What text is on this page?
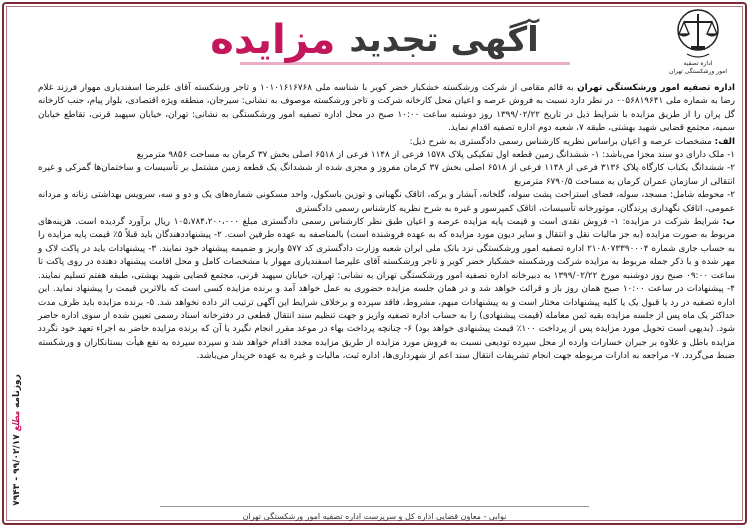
اداره تصفیه
امور ورشکستگی تهران
آگهی تجدید
مزایده

اداره تصفیه امور ورشکستگی تهران به قائم مقامی از شرکت ورشکسته خشکبار خضر کویر با شناسه ملی ۱۰۱۰۱۶۱۶۷۶۸ و تاجر ورشکسته آقای علیرضا اسفندیاری مهوار فرزند غلام رضا به شماره ملی ۰۰۵۶۸۱۹۶۴۱ در نظر دارد نسبت به فروش عرصه و اعیان محل کارخانه شرکت و تاجر ورشکسته موصوف به نشانی: سیرجان، منطقه ویژه اقتصادی، بلوار پیام، جنب کارخانه گل پران را از طریق مزایده با شرایط ذیل در تاریخ ۱۳۹۹/۰۲/۲۲ روز دوشنبه ساعت ۱۰:۰۰ صبح در محل اداره تصفیه امور ورشکستگی به نشانی: تهران، خیابان سپهبد قرنی، تقاطع خیابان سمیه، مجتمع قضایی شهید بهشتی، طبقه ۷، شعبه دوم اداره تصفیه اقدام نماید.

الف: مشخصات عرصه و اعیان براساس نظریه کارشناس رسمی دادگستری به شرح ذیل:

۱- ملک دارای دو سند مجزا می‌باشد: ۱- ششدانگ زمین قطعه اول تفکیکی پلاک ۱۵۷۸ فرعی از ۱۱۴۸ فرعی از ۶۵۱۸ اصلی بخش ۳۷ کرمان به مساحت ۹۸۵۶ مترمربع

۲- ششدانگ یکباب کارگاه پلاک ۳۱۳۶ فرعی از ۱۱۴۸ فرعی از ۶۵۱۸ اصلی بخش ۳۷ کرمان مفروز و مجزی شده از ششدانگ یک قطعه زمین مشتمل بر تأسیسات و ساختمان‌ها گمرکی و غیره انتقالی از سازمان عمران کرمان به مساحت ۶۷۹۰/۵ مترمربع

۲- محوطه شامل: مسجد، سوله، فضای استراحت پشت سوله، گلخانه، آبشار و برکه، اتاقک نگهبانی و توزین باسکول، واحد مسکونی شماره‌های یک و دو و سه، سرویس بهداشتی زنانه و مردانه عمومی، اتاقک نگهداری پرندگان، موتورخانه تأسیسات، اتاقک کمپرسور و غیره به شرح نظریه کارشناس رسمی دادگستری

ب: شرایط شرکت در مزایده: ۱- فروش نقدی است و قیمت پایه مزایده عرصه و اعیان طبق نظر کارشناس رسمی دادگستری مبلغ ۱۰۵،۷۸۴،۲۰۰،۰۰۰ ریال برآورد گردیده است. هزینه‌های مربوط به صورت مزایده (به جز مالیات نقل و انتقال و سایر دیون مورد مزایده که به عهده فروشنده است) بالمناصفه به عهده طرفین است. ۲- پیشنهاددهندگان باید قبلاً ۵٪ قیمت پایه مزایده را به حساب جاری شماره ۲۱۰۸۰۷۳۳۹۰۰۰۴ اداره تصفیه امور ورشکستگی نزد بانک ملی ایران شعبه وزارت دادگستری کد ۵۷۷ واریز و ضمیمه پیشنهاد خود نمایند. ۳- پیشنهادات باید در پاکت لاک و مهر شده و با ذکر جمله مربوط به مزایده شرکت ورشکسته خشکبار خضر کویر و تاجر ورشکسته آقای علیرضا اسفندیاری مهوار با مشخصات کامل و محل اقامت پیشنهاد دهنده در روی پاکت تا ساعت ۰۹:۰۰ صبح روز دوشنبه مورخ ۱۳۹۹/۰۲/۲۲ به دبیرخانه اداره تصفیه امور ورشکستگی تهران به نشانی: تهران، خیابان سپهبد قرنی، مجتمع قضایی شهید بهشتی، طبقه هفتم تسلیم نمایند. ۴- پیشنهادات در ساعت ۱۰:۰۰ صبح همان روز باز و قرائت خواهد شد و در همان جلسه مزایده حضوری به عمل خواهد آمد و برنده مزایده کسی است که بالاترین قیمت را پیشنهاد نماید. این اداره تصفیه در رد یا قبول یک یا کلیه پیشنهادات مختار است و به پیشنهادات مبهم، مشروط، فاقد سپرده و برخلاف شرایط این آگهی ترتیب اثر داده نخواهد شد. ۵- برنده مزایده باید ظرف مدت حداکثر یک ماه پس از جلسه مزایده بقیه ثمن معامله (قیمت پیشنهادی) را به حساب اداره تصفیه واریز و جهت تنظیم سند انتقال قطعی در دفترخانه اسناد رسمی تعیین شده از سوی اداره حاضر شود. (بدیهی است تحویل مورد مزایده پس از پرداخت ۱۰۰٪ قیمت پیشنهادی خواهد بود) ۶- چنانچه پرداخت بهاء در موعد مقرر انجام نگیرد یا آن که برنده مزایده حاضر به اجراء تعهد خود نگردد مزایده باطل و علاوه بر جبران خسارات وارده از محل سپرده تودیعی نسبت به فروش مورد مزایده از طریق مزایده مجدد اقدام خواهد شد و سپرده سپرده به نفع هیأت بستانکاران و ورشکسته ضبط می‌گردد. ۷- مراجعه به ادارات مربوطه جهت انجام تشریفات انتقال سند اعم از شهرداری‌ها، اداره ثبت، مالیات و غیره به عهده خریدار می‌باشد.

روزنامه مطلع ۹۹/۰۲/۱۷ - ۷۹۴۳
نوابی - معاون قضایی اداره کل و سرپرست اداره تصفیه امور ورشکستگی تهران
